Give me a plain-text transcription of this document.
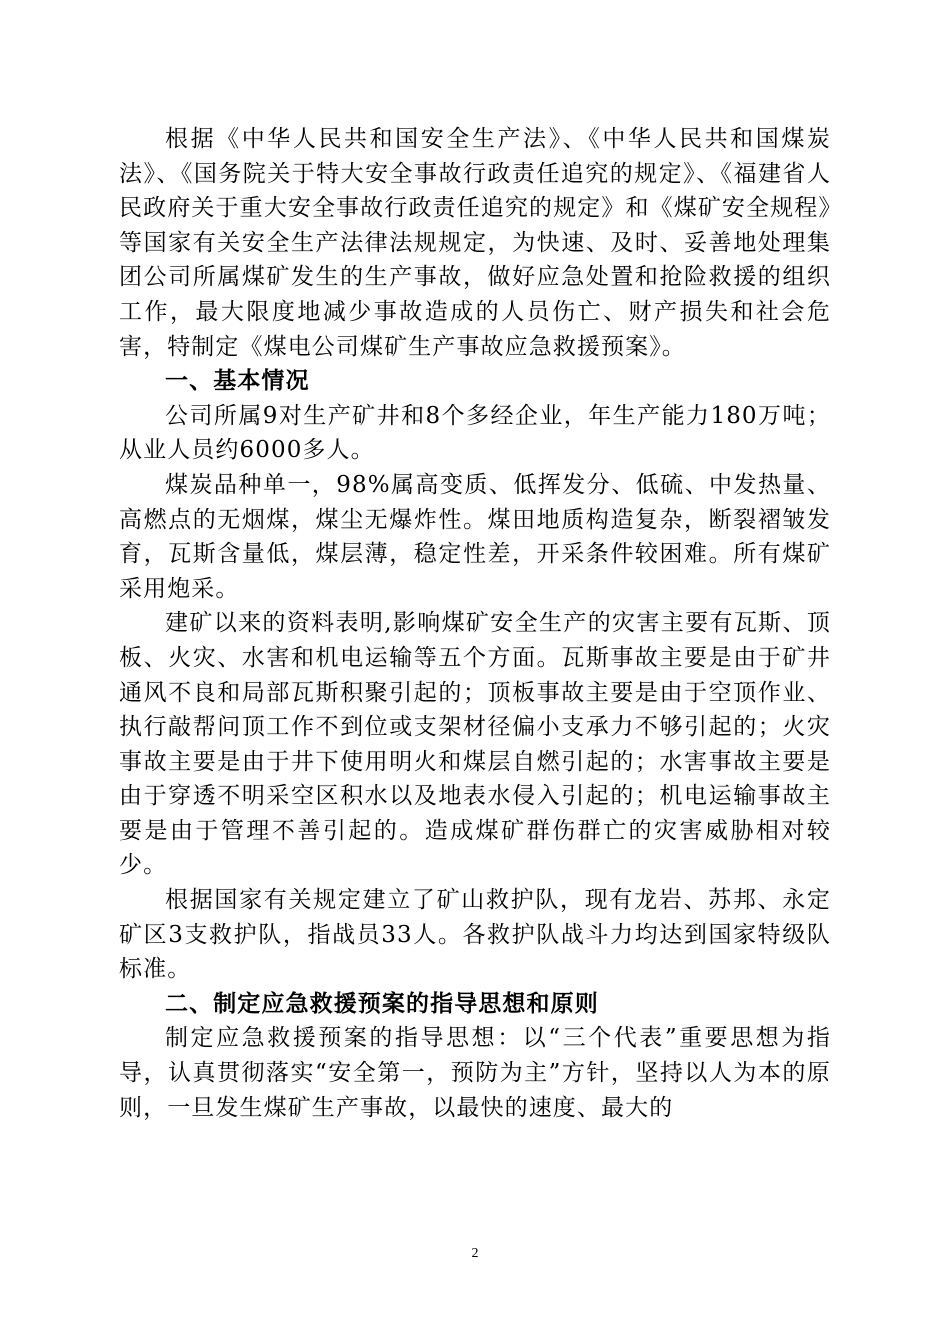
根据《中华人民共和国安全生产法》、《中华人民共和国煤炭法》、《国务院关于特大安全事故行政责任追究的规定》、《福建省人民政府关于重大安全事故行政责任追究的规定》和《煤矿安全规程》等国家有关安全生产法律法规规定，为快速、及时、妥善地处理集团公司所属煤矿发生的生产事故，做好应急处置和抢险救援的组织工作，最大限度地减少事故造成的人员伤亡、财产损失和社会危害，特制定《煤电公司煤矿生产事故应急救援预案》。

一、基本情况

公司所属9对生产矿井和8个多经企业，年生产能力180万吨；从业人员约6000多人。

煤炭品种单一，98%属高变质、低挥发分、低硫、中发热量、高燃点的无烟煤，煤尘无爆炸性。煤田地质构造复杂，断裂褶皱发育，瓦斯含量低，煤层薄，稳定性差，开采条件较困难。所有煤矿采用炮采。

建矿以来的资料表明,影响煤矿安全生产的灾害主要有瓦斯、顶板、火灾、水害和机电运输等五个方面。瓦斯事故主要是由于矿井通风不良和局部瓦斯积聚引起的；顶板事故主要是由于空顶作业、执行敲帮问顶工作不到位或支架材径偏小支承力不够引起的；火灾事故主要是由于井下使用明火和煤层自燃引起的；水害事故主要是由于穿透不明采空区积水以及地表水侵入引起的；机电运输事故主要是由于管理不善引起的。造成煤矿群伤群亡的灾害威胁相对较少。

根据国家有关规定建立了矿山救护队，现有龙岩、苏邦、永定矿区3支救护队，指战员33人。各救护队战斗力均达到国家特级队标准。

二、制定应急救援预案的指导思想和原则

制定应急救援预案的指导思想：以“三个代表”重要思想为指导，认真贯彻落实“安全第一，预防为主”方针，坚持以人为本的原则，一旦发生煤矿生产事故，以最快的速度、最大的

2
